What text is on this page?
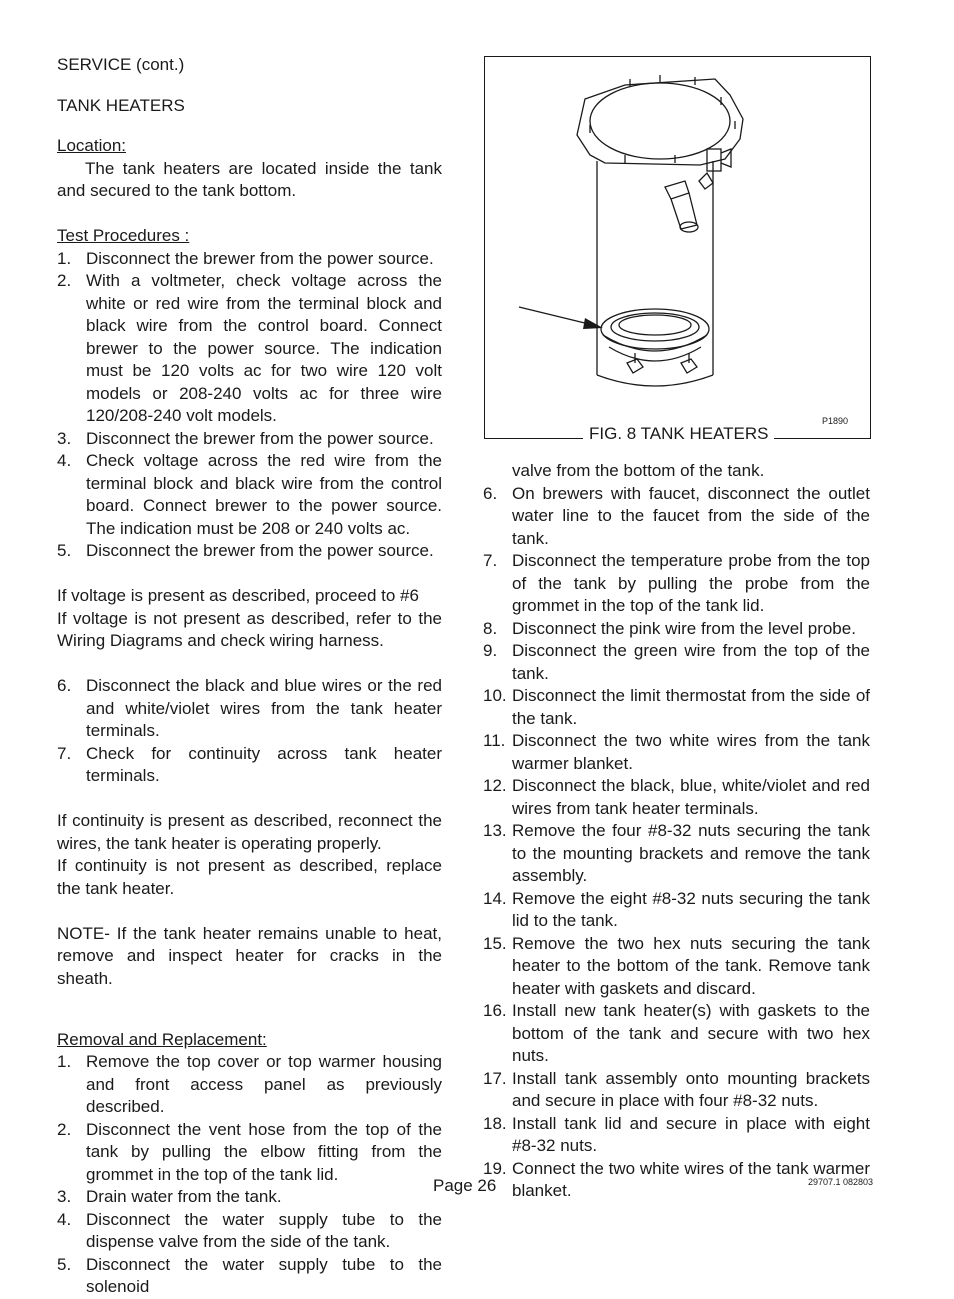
SERVICE (cont.)

TANK HEATERS

Location:

The tank heaters are located inside the tank and secured to the tank bottom.

Test Procedures :

1. Disconnect the brewer from the power source.
2. With a voltmeter, check voltage across the white or red wire from the terminal block and black wire from the control board. Connect brewer to the power source. The indication must be 120 volts ac for two wire 120 volt models or 208-240 volts ac for three wire 120/208-240 volt models.
3. Disconnect the brewer from the power source.
4. Check voltage across the red wire from the terminal block and black wire from the control board. Connect brewer to the power source. The indication must be 208 or 240 volts ac.
5. Disconnect the brewer from the power source.

If voltage is present as described, proceed to #6

If voltage is not present as described, refer to the Wiring Diagrams and check wiring harness.

6. Disconnect the black and blue wires or the red and white/violet wires from the tank heater terminals.
7. Check for continuity across tank heater terminals.

If continuity is present as described, reconnect the wires, the tank heater is operating properly.

If continuity is not present as described, replace the tank heater.

NOTE- If the tank heater remains unable to heat, remove and inspect heater for cracks in the sheath.

Removal and Replacement:

1. Remove the top cover or top warmer housing and front access panel as previously described.
2. Disconnect the vent hose from the top of the tank by pulling the elbow fitting from the grommet in the top of the tank lid.
3. Drain water from the tank.
4. Disconnect the water supply tube to the dispense valve from the side of the tank.
5. Disconnect the water supply tube to the solenoid
FIG. 8 TANK HEATERS
P1890

valve from the bottom of the tank.

6. On brewers with faucet, disconnect the outlet water line to the faucet from the side of the tank.
7. Disconnect the temperature probe from the top of the tank by pulling the probe from the grommet in the top of the tank lid.
8. Disconnect the pink wire from the level probe.
9. Disconnect the green wire from the top of the tank.
10. Disconnect the limit thermostat from the side of the tank.
11. Disconnect the two white wires from the tank warmer blanket.
12. Disconnect the black, blue, white/violet and red wires from tank heater terminals.
13. Remove the four #8-32 nuts securing the tank to the mounting brackets and remove the tank assembly.
14. Remove the eight #8-32 nuts securing the tank lid to the tank.
15. Remove the two hex nuts securing the tank heater to the bottom of the tank. Remove tank heater with gaskets and discard.
16. Install new tank heater(s) with gaskets to the bottom of the tank and secure with two hex nuts.
17. Install tank assembly onto mounting brackets and secure in place with four #8-32 nuts.
18. Install tank lid and secure in place with eight #8-32 nuts.
19. Connect the two white wires of the tank warmer blanket.
Page 26	29707.1 082803
